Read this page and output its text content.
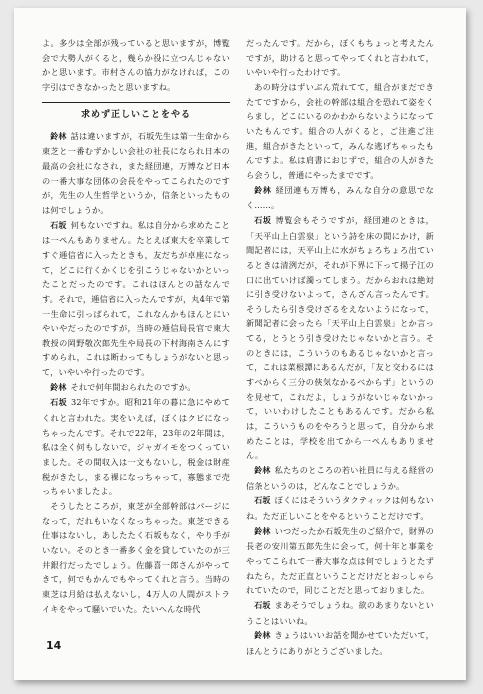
よ。多少は全部が残っていると思いますが，博覧会で大勢人がくると，幾らか役に立つんじゃないかと思います。市村さんの協力がなければ，この字引はできなかったと思いますね。

求めず正しいことをやる

鈴林 話は違いますが，石坂先生は第一生命から東芝と一番むずかしい会社の社長になられ日本の最高の会社になされ，また経団連，万博など日本の一番大事な団体の会長をやってこられたのですが，先生の人生哲学というか，信条といったものは何でしょうか。

石坂 何もないですね。私は自分から求めたことは一ぺんもありません。たとえば東大を卒業してすぐ逓信省に入ったときも，友だちが卓座になって，どこに行くかくじを引こうじゃないかといったことだったのです。これはほんとの話なんです。それで，逓信省に入ったんですが，丸4年で第一生命に引っぱられて，これなんかもほんとにいやいやだったのですが，当時の逓信局長官で東大教授の岡野敬次郎先生や局長の下村海南さんにすすめられ，これは断わってもしょうがないと思って，いやいや行ったのです。

鈴林 それで何年間おられたのですか。

石坂 32年ですか。昭和21年の暮に急にやめてくれと言われた。実をいえば，ぼくはクビになっちゃったんです。それで22年，23年の2年間は，私は全く何もしないで，ジャガイモをつくっていました。その間収入は一文もないし，税金は財産税がきたし，まる裸になっちゃって，寡態まで売っちゃいましたよ。

そうしたところが，東芝が全部幹部はパージになって，だれもいなくなっちゃった。東芝できる仕事はないし，あしたたく石坂もなく，やり手がいない。そのとき一番多く金を貸していたのが三井銀行だったでしょう。佐藤喜一郎さんがやってきて，何でもかんでもやってくれと言う。当時の東芝は月給は払えないし，4万人の人間がストライキをやって騒いでいた。たいへんな時代

だったんです。だから，ぼくもちょっと考えたんですが，助けると思ってやってくれと言われて，いやいや行ったわけです。

あの時分はずいぶん荒れてて，組合がまだできたてですから，会社の幹部は組合を恐れて姿をくらまし，どこにいるのかわからないようになっていたもんです。組合の人がくると，ご注進ご注進，組合がきたといって，みんな逃げちゃったもんですよ。私は肩書におじずで，組合の人がきたら会うし，普通にやったまでです。

鈴林 経団連も万博も，みんな自分の意思でなく……。

石坂 博覧会もそうですが，経団連のときは，「天平山上白雲泉」という詩を床の間にかけ，新聞記者には，天平山上に水がちょろちょろ出ているときは清洌だが，それが下界に下って揚子江の口に出ていけば濁ってしまう。だからおれは絶対に引き受けないよって，さんざん言ったんです。そうしたら引き受けざるをえないようになって，新聞記者に会ったら「天平山上白雲泉」とか言ってる，とうとう引き受けたじゃないかと言う。そのときには，こういうのもあるじゃないかと言って，これは菜根譚にあるんだが，「友と交わるにはすべからく三分の俠気なかるべからず」というのを見せて，これだよ，しょうがないじゃないかって，いいわけしたこともあるんです。だから私は，こういうものをやろうと思って，自分から求めたことは，学校を出てから一ぺんもありません。

鈴林 私たちのところの若い社員に与える経営の信条というのは，どんなことでしょうか。

石坂 ぼくにはそういうタクティックは何もないね。ただ正しいことをやるということだけです。

鈴林 いつだったか石坂先生のご紹介で，財界の長老の安川第五郎先生に会って，何十年と事業をやってこられて一番大事な点は何でしょうとたずねたら，ただ正直ということだけだとおっしゃられていたので，同じことだと思っておりました。

石坂 まあそうでしょうね。欲のあまりないということはいいね。

鈴林 きょうはいいお話を聞かせていただいて，ほんとうにありがとうございました。

14
